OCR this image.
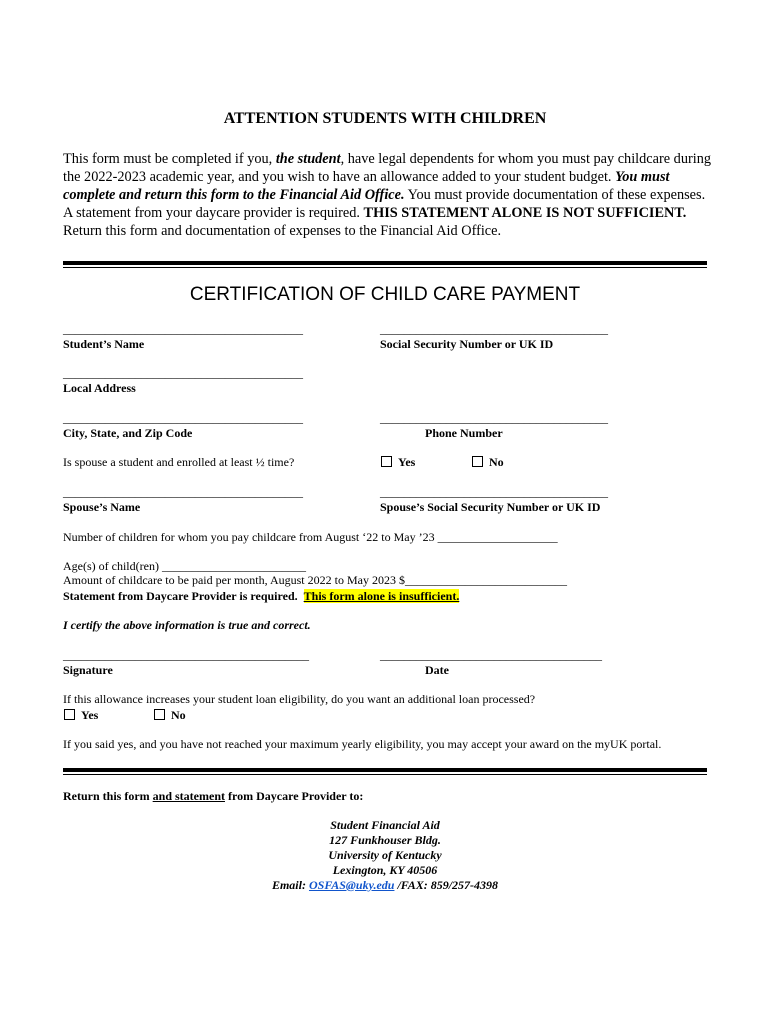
ATTENTION STUDENTS WITH CHILDREN
This form must be completed if you, the student, have legal dependents for whom you must pay childcare during the 2022-2023 academic year, and you wish to have an allowance added to your student budget. You must complete and return this form to the Financial Aid Office. You must provide documentation of these expenses. A statement from your daycare provider is required. THIS STATEMENT ALONE IS NOT SUFFICIENT. Return this form and documentation of expenses to the Financial Aid Office.
CERTIFICATION OF CHILD CARE PAYMENT
________________________________________	______________________________________
Student’s Name	Social Security Number or UK ID
________________________________________
Local Address
________________________________________	______________________________________
City, State, and Zip Code	Phone Number
Is spouse a student and enrolled at least ½ time?	Yes	No
________________________________________	______________________________________
Spouse’s Name	Spouse’s Social Security Number or UK ID
Number of children for whom you pay childcare from August ‘22 to May ’23 ____________________
Age(s) of child(ren) ________________________
Amount of childcare to be paid per month, August 2022 to May 2023 $___________________________
Statement from Daycare Provider is required. This form alone is insufficient.
I certify the above information is true and correct.
_________________________________________	_____________________________________
Signature	Date
If this allowance increases your student loan eligibility, do you want an additional loan processed?
Yes	No
If you said yes, and you have not reached your maximum yearly eligibility, you may accept your award on the myUK portal.
Return this form and statement from Daycare Provider to:
Student Financial Aid
127 Funkhouser Bldg.
University of Kentucky
Lexington, KY 40506
Email: OSFAS@uky.edu /FAX: 859/257-4398
